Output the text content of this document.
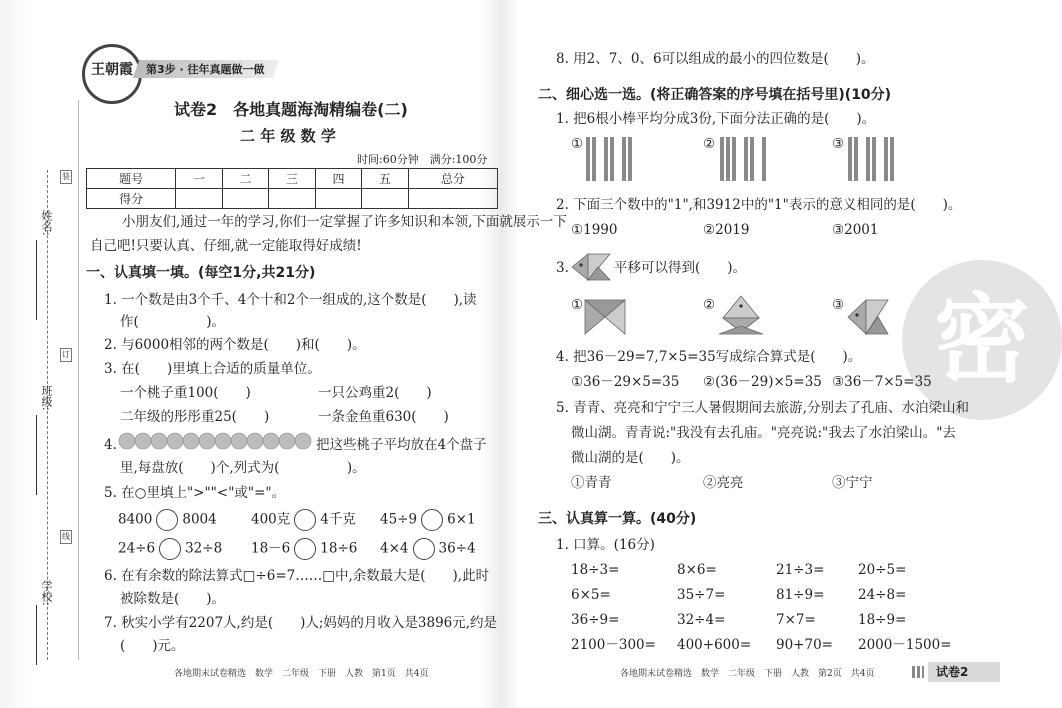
姓名:
班级:
学校:
装
订
线
王朝霞	第3步 · 往年真题做一做
试卷2　各地真题海淘精编卷(二)
二 年 级 数 学
时间:60分钟　满分:100分
题号	一	二	三	四	五	总分
得分						
小朋友们,通过一年的学习,你们一定掌握了许多知识和本领,下面就展示一下
自己吧!只要认真、仔细,就一定能取得好成绩!
一、认真填一填。(每空1分,共21分)
1. 一个数是由3个千、4个十和2个一组成的,这个数是(　　),读
作(　　　　　)。
2. 与6000相邻的两个数是(　　)和(　　)。
3. 在(　　)里填上合适的质量单位。
一个桃子重100(　　)	一只公鸡重2(　　)
二年级的彤彤重25(　　)	一条金鱼重630(　　)
4.	把这些桃子平均放在4个盘子
里,每盘放(　　)个,列式为(　　　　　)。
5. 在○里填上">""<"或"="。
8400 8004	400克 4千克 45÷9 6×1
24÷6 32÷8 18－6 18÷6 4×4 36÷4
6. 在有余数的除法算式□÷6=7……□中,余数最大是(　　),此时
被除数是(　　)。
7. 秋实小学有2207人,约是(　　)人;妈妈的月收入是3896元,约是
(　　)元。
各地期末试卷精选　数学　二年级　下册　人教　第1页　共4页
密
8. 用2、7、0、6可以组成的最小的四位数是(　　)。
二、细心选一选。(将正确答案的序号填在括号里)(10分)
1. 把6根小棒平均分成3份,下面分法正确的是(　　)。
①	②	③
2. 下面三个数中的"1",和3912中的"1"表示的意义相同的是(　　)。
①1990	②2019	③2001
3.	平移可以得到(　　)。
①	②	③
4. 把36－29=7,7×5=35写成综合算式是(　　)。
①36－29×5=35 ②(36－29)×5=35 ③36－7×5=35
5. 青青、亮亮和宁宁三人暑假期间去旅游,分别去了孔庙、水泊梁山和
微山湖。青青说:"我没有去孔庙。"亮亮说:"我去了水泊梁山。"去
微山湖的是(　　)。
①青青	②亮亮	③宁宁
三、认真算一算。(40分)
1. 口算。(16分)
18÷3=	8×6=	21÷3= 20÷5=
6×5=	35÷7=	81÷9= 24÷8=
36÷9=	32÷4=	7×7=	18÷9=
2100－300= 400+600= 90+70= 2000－1500=
各地期末试卷精选　数学　二年级　下册　人教　第2页　共4页	试卷2
